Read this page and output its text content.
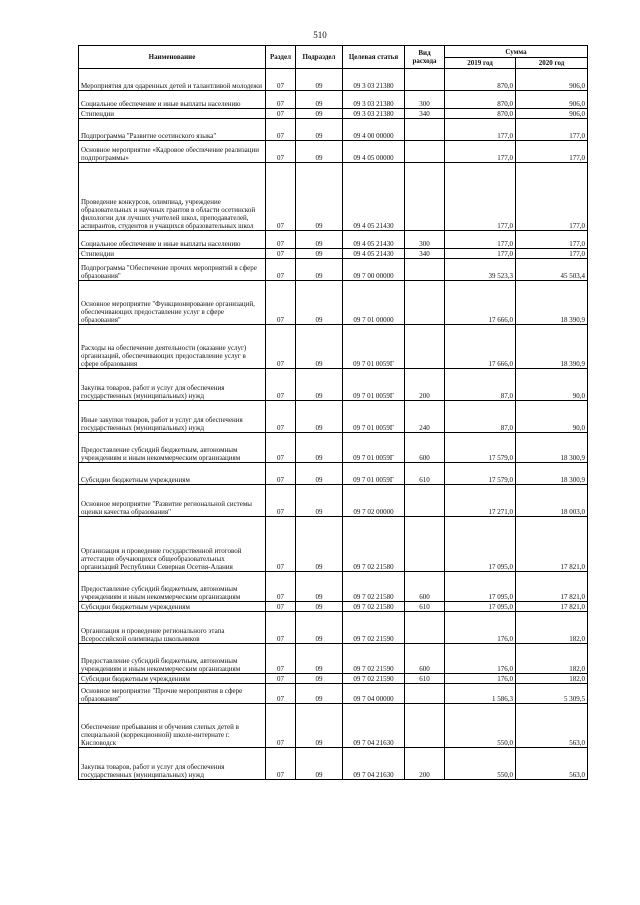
510
Наименование	Раздел	Подраздел	Целевая статья	Вид расхода	Сумма	
					2019 год	2020 год
Мероприятия для одаренных детей и талантливой молодежи	07	09	09 3 03 21380		870,0	906,0
Социальное обеспечение и иные выплаты населению	07	09	09 3 03 21380	300	870,0	906,0
Стипендии	07	09	09 3 03 21380	340	870,0	906,0
Подпрограмма "Развитие осетинского языка"	07	09	09 4 00 00000		177,0	177,0
Основное мероприятие «Кадровое обеспечение реализации подпрограммы»	07	09	09 4 05 00000		177,0	177,0
Проведение конкурсов, олимпиад, учреждение образовательных и научных грантов в области осетинской филологии для лучших учителей школ, преподавателей, аспирантов, студентов и учащихся образовательных школ	07	09	09 4 05 21430		177,0	177,0
Социальное обеспечение и иные выплаты населению	07	09	09 4 05 21430	300	177,0	177,0
Стипендии	07	09	09 4 05 21430	340	177,0	177,0
Подпрограмма "Обеспечение прочих мероприятий в сфере образования"	07	09	09 7 00 00000		39 523,3	45 503,4
Основное мероприятие "Функционирование организаций, обеспечивающих предоставление услуг в сфере образования"	07	09	09 7 01 00000		17 666,0	18 390,9
Расходы на обеспечение деятельности (оказание услуг) организаций, обеспечивающих предоставление услуг в сфере образования	07	09	09 7 01 0059Г		17 666,0	18 390,9
Закупка товаров, работ и услуг для обеспечения государственных (муниципальных) нужд	07	09	09 7 01 0059Г	200	87,0	90,0
Иные закупки товаров, работ и услуг для обеспечения государственных (муниципальных) нужд	07	09	09 7 01 0059Г	240	87,0	90,0
Предоставление субсидий бюджетным, автономным учреждениям и иным некоммерческим организациям	07	09	09 7 01 0059Г	600	17 579,0	18 300,9
Субсидии бюджетным учреждениям	07	09	09 7 01 0059Г	610	17 579,0	18 300,9
Основное мероприятие "Развитие региональной системы оценки качества образования"	07	09	09 7 02 00000		17 271,0	18 003,0
Организация и проведение государственной итоговой аттестации обучающихся общеобразовательных организаций Республики Северная Осетия-Алания	07	09	09 7 02 21580		17 095,0	17 821,0
Предоставление субсидий бюджетным, автономным учреждениям и иным некоммерческим организациям	07	09	09 7 02 21580	600	17 095,0	17 821,0
Субсидии бюджетным учреждениям	07	09	09 7 02 21580	610	17 095,0	17 821,0
Организация и проведение регионального этапа Всероссийской олимпиады школьников	07	09	09 7 02 21590		176,0	182,0
Предоставление субсидий бюджетным, автономным учреждениям и иным некоммерческим организациям	07	09	09 7 02 21590	600	176,0	182,0
Субсидии бюджетным учреждениям	07	09	09 7 02 21590	610	176,0	182,0
Основное мероприятие "Прочие мероприятия в сфере образования"	07	09	09 7 04 00000		1 586,3	5 309,5
Обеспечение пребывания и обучения слепых детей в специальной (коррекционной) школе-интернате г. Кисловодск	07	09	09 7 04 21630		550,0	563,0
Закупка товаров, работ и услуг для обеспечения государственных (муниципальных) нужд	07	09	09 7 04 21630	200	550,0	563,0
